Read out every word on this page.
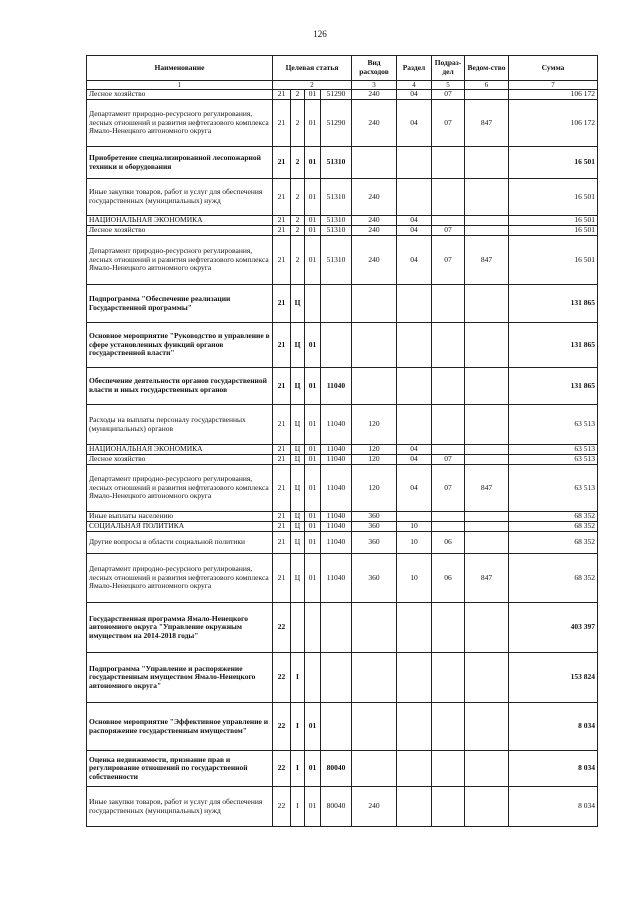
126
Наименование	Целевая статья				Вид расходов	Раздел	Подраз-дел	Ведом-ство	Сумма
1	2				3	4	5	6	7
Лесное хозяйство	21	2	01	51290	240	04	07		106 172
Департамент природно-ресурсного регулирования, лесных отношений и развития нефтегазового комплекса Ямало-Ненецкого автономного округа	21	2	01	51290	240	04	07	847	106 172
Приобретение специализированной лесопожарной техники и оборудования	21	2	01	51310					16 501
Иные закупки товаров, работ и услуг для обеспечения государственных (муниципальных) нужд	21	2	01	51310	240				16 501
НАЦИОНАЛЬНАЯ ЭКОНОМИКА	21	2	01	51310	240	04			16 501
Лесное хозяйство	21	2	01	51310	240	04	07		16 501
Департамент природно-ресурсного регулирования, лесных отношений и развития нефтегазового комплекса Ямало-Ненецкого автономного округа	21	2	01	51310	240	04	07	847	16 501
Подпрограмма "Обеспечение реализации Государственной программы"	21	Ц							131 865
Основное мероприятие "Руководство и управление в сфере установленных функций органов государственной власти"	21	Ц	01						131 865
Обеспечение деятельности органов государственной власти и иных государственных органов	21	Ц	01	11040					131 865
Расходы на выплаты персоналу государственных (муниципальных) органов	21	Ц	01	11040	120				63 513
НАЦИОНАЛЬНАЯ ЭКОНОМИКА	21	Ц	01	11040	120	04			63 513
Лесное хозяйство	21	Ц	01	11040	120	04	07		63 513
Департамент природно-ресурсного регулирования, лесных отношений и развития нефтегазового комплекса Ямало-Ненецкого автономного округа	21	Ц	01	11040	120	04	07	847	63 513
Иные выплаты населению	21	Ц	01	11040	360				68 352
СОЦИАЛЬНАЯ ПОЛИТИКА	21	Ц	01	11040	360	10			68 352
Другие вопросы в области социальной политики	21	Ц	01	11040	360	10	06		68 352
Департамент природно-ресурсного регулирования, лесных отношений и развития нефтегазового комплекса Ямало-Ненецкого автономного округа	21	Ц	01	11040	360	10	06	847	68 352
Государственная программа Ямало-Ненецкого автономного округа "Управление окружным имуществом на 2014-2018 годы"	22								403 397
Подпрограмма "Управление и распоряжение государственным имуществом Ямало-Ненецкого автономного округа"	22	I							153 824
Основное мероприятие "Эффективное управление и распоряжение государственным имуществом"	22	I	01						8 034
Оценка недвижимости, признание прав и регулирование отношений по государственной собственности	22	I	01	80040					8 034
Иные закупки товаров, работ и услуг для обеспечения государственных (муниципальных) нужд	22	I	01	80040	240				8 034
